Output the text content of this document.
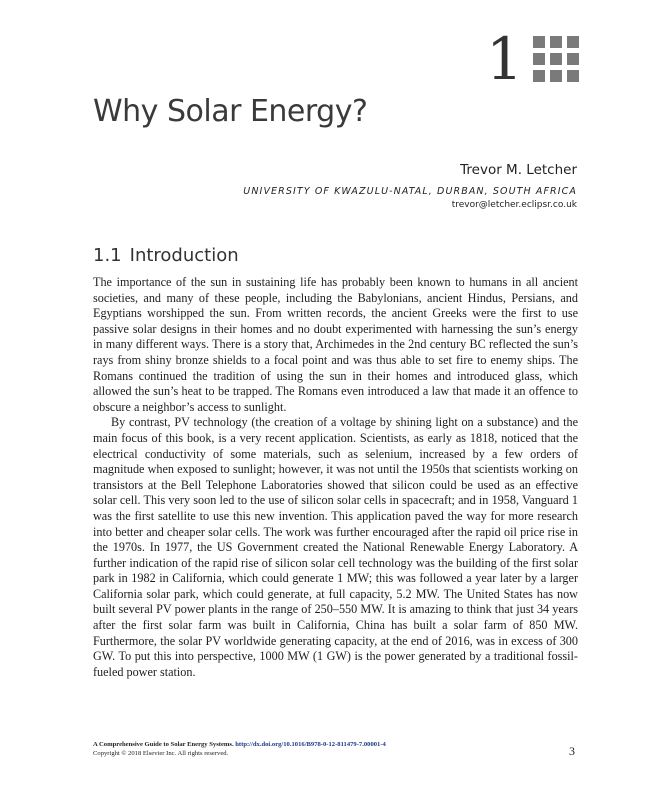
1
Why Solar Energy?
Trevor M. Letcher
UNIVERSITY OF KWAZULU-NATAL, DURBAN, SOUTH AFRICA
trevor@letcher.eclipsr.co.uk
1.1 Introduction

The importance of the sun in sustaining life has probably been known to humans in all ancient societies, and many of these people, including the Babylonians, ancient Hindus, Persians, and Egyptians worshipped the sun. From written records, the ancient Greeks were the first to use passive solar designs in their homes and no doubt experimented with harnessing the sun’s energy in many different ways. There is a story that, Archimedes in the 2nd century BC reflected the sun’s rays from shiny bronze shields to a focal point and was thus able to set fire to enemy ships. The Romans continued the tradition of using the sun in their homes and introduced glass, which allowed the sun’s heat to be trapped. The Romans even introduced a law that made it an offence to obscure a neighbor’s access to sunlight.

By contrast, PV technology (the creation of a voltage by shining light on a substance) and the main focus of this book, is a very recent application. Scientists, as early as 1818, noticed that the electrical conductivity of some materials, such as selenium, increased by a few orders of magnitude when exposed to sunlight; however, it was not until the 1950s that scientists working on transistors at the Bell Telephone Laboratories showed that silicon could be used as an effective solar cell. This very soon led to the use of silicon solar cells in spacecraft; and in 1958, Vanguard 1 was the first satellite to use this new invention. This application paved the way for more research into better and cheaper solar cells. The work was further encouraged after the rapid oil price rise in the 1970s. In 1977, the US Government created the National Renewable Energy Laboratory. A further indication of the rapid rise of silicon solar cell technology was the building of the first solar park in 1982 in California, which could generate 1 MW; this was followed a year later by a larger California solar park, which could generate, at full capacity, 5.2 MW. The United States has now built several PV power plants in the range of 250–550 MW. It is amazing to think that just 34 years after the first solar farm was built in California, China has built a solar farm of 850 MW. Furthermore, the solar PV worldwide generating capacity, at the end of 2016, was in excess of 300 GW. To put this into perspective, 1000 MW (1 GW) is the power generated by a traditional fossil-fueled power station.

A Comprehensive Guide to Solar Energy Systems. http://dx.doi.org/10.1016/B978-0-12-811479-7.00001-4
Copyright © 2018 Elsevier Inc. All rights reserved.	3
